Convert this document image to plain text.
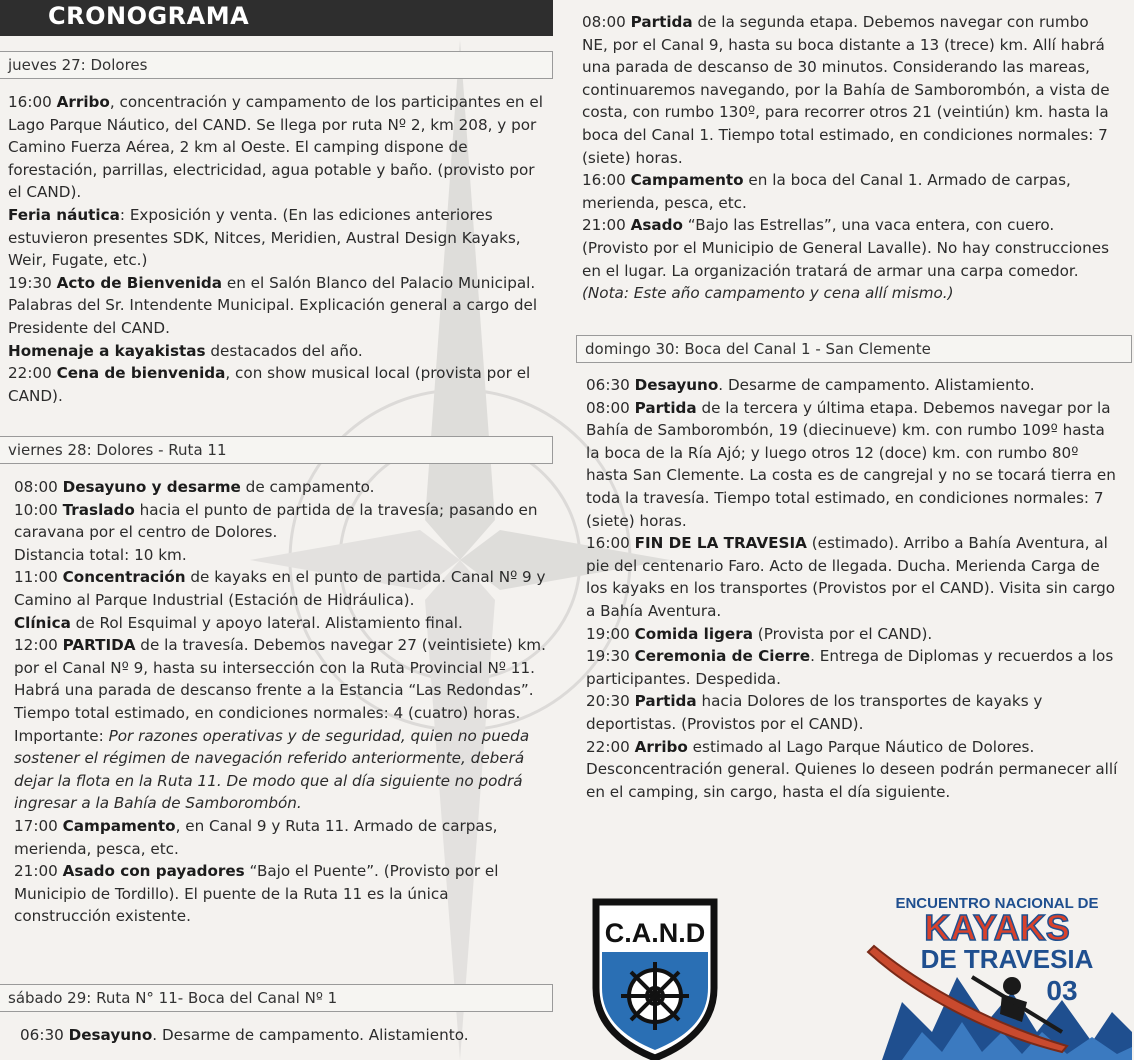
CRONOGRAMA
jueves 27: Dolores

16:00 Arribo, concentración y campamento de los participantes en el Lago Parque Náutico, del CAND. Se llega por ruta Nº 2, km 208, y por Camino Fuerza Aérea, 2 km al Oeste. El camping dispone de forestación, parrillas, electricidad, agua potable y baño. (provisto por el CAND).

Feria náutica: Exposición y venta. (En las ediciones anteriores estuvieron presentes SDK, Nitces, Meridien, Austral Design Kayaks, Weir, Fugate, etc.)

19:30 Acto de Bienvenida en el Salón Blanco del Palacio Municipal. Palabras del Sr. Intendente Municipal. Explicación general a cargo del Presidente del CAND.

Homenaje a kayakistas destacados del año.

22:00 Cena de bienvenida, con show musical local (provista por el CAND).

viernes 28: Dolores - Ruta 11

08:00 Desayuno y desarme de campamento.

10:00 Traslado hacia el punto de partida de la travesía; pasando en caravana por el centro de Dolores.

Distancia total: 10 km.

11:00 Concentración de kayaks en el punto de partida. Canal Nº 9 y Camino al Parque Industrial (Estación de Hidráulica).

Clínica de Rol Esquimal y apoyo lateral. Alistamiento final.

12:00 PARTIDA de la travesía. Debemos navegar 27 (veintisiete) km. por el Canal Nº 9, hasta su intersección con la Ruta Provincial Nº 11. Habrá una parada de descanso frente a la Estancia “Las Redondas”. Tiempo total estimado, en condiciones normales: 4 (cuatro) horas.

Importante: Por razones operativas y de seguridad, quien no pueda sostener el régimen de navegación referido anteriormente, deberá dejar la flota en la Ruta 11. De modo que al día siguiente no podrá ingresar a la Bahía de Samborombón.

17:00 Campamento, en Canal 9 y Ruta 11. Armado de carpas, merienda, pesca, etc.

21:00 Asado con payadores “Bajo el Puente”. (Provisto por el Municipio de Tordillo). El puente de la Ruta 11 es la única construcción existente.

sábado 29: Ruta N° 11- Boca del Canal Nº 1

06:30 Desayuno. Desarme de campamento. Alistamiento.

08:00 Partida de la segunda etapa. Debemos navegar con rumbo NE, por el Canal 9, hasta su boca distante a 13 (trece) km. Allí habrá una parada de descanso de 30 minutos. Considerando las mareas, continuaremos navegando, por la Bahía de Samborombón, a vista de costa, con rumbo 130º, para recorrer otros 21 (veintiún) km. hasta la boca del Canal 1. Tiempo total estimado, en condiciones normales: 7 (siete) horas.

16:00 Campamento en la boca del Canal 1. Armado de carpas, merienda, pesca, etc.

21:00 Asado “Bajo las Estrellas”, una vaca entera, con cuero. (Provisto por el Municipio de General Lavalle). No hay construcciones en el lugar. La organización tratará de armar una carpa comedor. (Nota: Este año campamento y cena allí mismo.)

domingo 30: Boca del Canal 1 - San Clemente

06:30 Desayuno. Desarme de campamento. Alistamiento.

08:00 Partida de la tercera y última etapa. Debemos navegar por la Bahía de Samborombón, 19 (diecinueve) km. con rumbo 109º hasta la boca de la Ría Ajó; y luego otros 12 (doce) km. con rumbo 80º hasta San Clemente. La costa es de cangrejal y no se tocará tierra en toda la travesía. Tiempo total estimado, en condiciones normales: 7 (siete) horas.

16:00 FIN DE LA TRAVESIA (estimado). Arribo a Bahía Aventura, al pie del centenario Faro. Acto de llegada. Ducha. Merienda Carga de los kayaks en los transportes (Provistos por el CAND). Visita sin cargo a Bahía Aventura.

19:00 Comida ligera (Provista por el CAND).

19:30 Ceremonia de Cierre. Entrega de Diplomas y recuerdos a los participantes. Despedida.

20:30 Partida hacia Dolores de los transportes de kayaks y deportistas. (Provistos por el CAND).

22:00 Arribo estimado al Lago Parque Náutico de Dolores. Desconcentración general. Quienes lo deseen podrán permanecer allí en el camping, sin cargo, hasta el día siguiente.

C.A.N.D
ENCUENTRO NACIONAL DE
KAYAKS
DE TRAVESIA
03
